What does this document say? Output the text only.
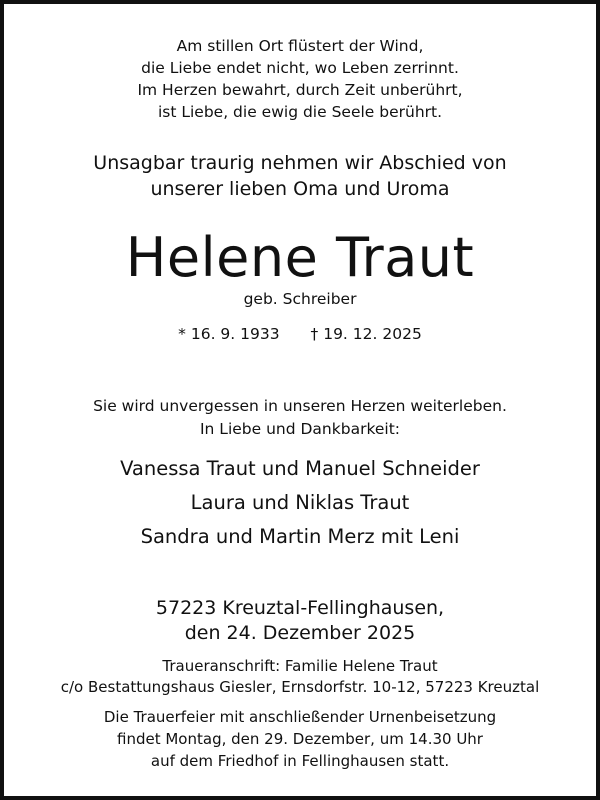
Am stillen Ort flüstert der Wind,
die Liebe endet nicht, wo Leben zerrinnt.
Im Herzen bewahrt, durch Zeit unberührt,
ist Liebe, die ewig die Seele berührt.
Unsagbar traurig nehmen wir Abschied von
unserer lieben Oma und Uroma
Helene Traut
geb. Schreiber
* 16. 9. 1933 † 19. 12. 2025
Sie wird unvergessen in unseren Herzen weiterleben.
In Liebe und Dankbarkeit:
Vanessa Traut und Manuel Schneider
Laura und Niklas Traut
Sandra und Martin Merz mit Leni
57223 Kreuztal-Fellinghausen,
den 24. Dezember 2025
Traueranschrift: Familie Helene Traut
c/o Bestattungshaus Giesler, Ernsdorfstr. 10-12, 57223 Kreuztal
Die Trauerfeier mit anschließender Urnenbeisetzung
findet Montag, den 29. Dezember, um 14.30 Uhr
auf dem Friedhof in Fellinghausen statt.
